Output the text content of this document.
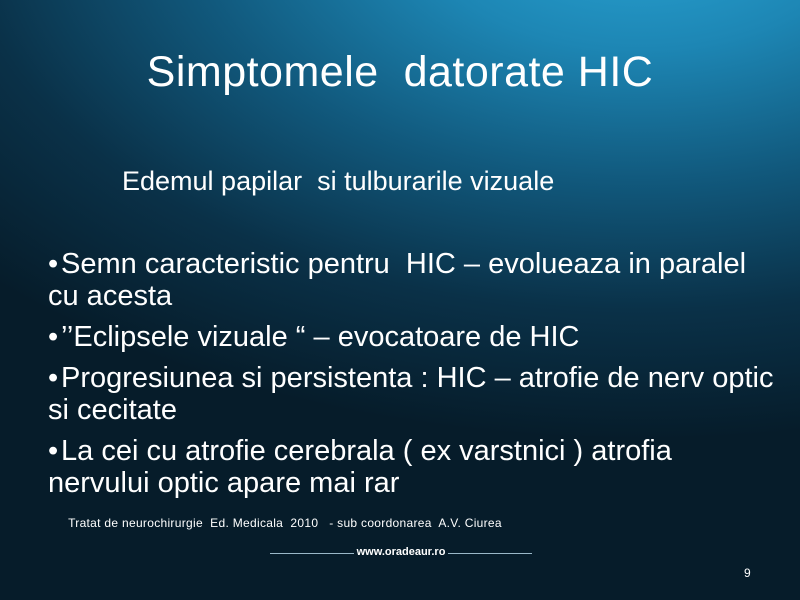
Simptomele  datorate HIC
Edemul papilar  si tulburarile vizuale
•Semn caracteristic pentru  HIC – evolueaza in paralel cu acesta
•’’Eclipsele vizuale “ – evocatoare de HIC
•Progresiunea si persistenta : HIC – atrofie de nerv optic si cecitate
•La cei cu atrofie cerebrala ( ex varstnici ) atrofia nervului optic apare mai rar
Tratat de neurochirurgie  Ed. Medicala  2010   - sub coordonarea  A.V. Ciurea
www.oradeaur.ro
9
